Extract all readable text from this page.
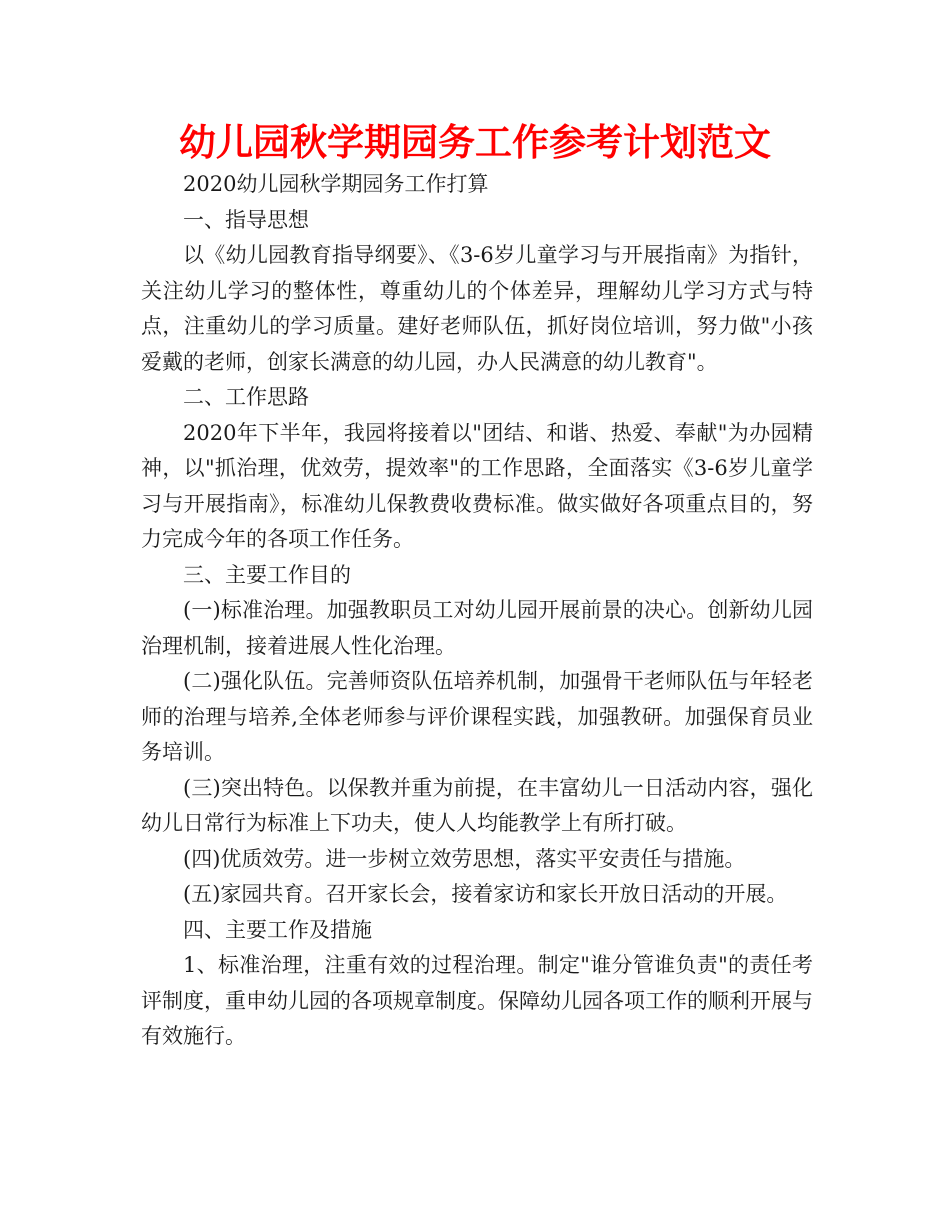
幼儿园秋学期园务工作参考计划范文

2020幼儿园秋学期园务工作打算

一、指导思想

以《幼儿园教育指导纲要》、《3-6岁儿童学习与开展指南》为指针，关注幼儿学习的整体性，尊重幼儿的个体差异，理解幼儿学习方式与特点，注重幼儿的学习质量。建好老师队伍，抓好岗位培训，努力做"小孩爱戴的老师，创家长满意的幼儿园，办人民满意的幼儿教育"。

二、工作思路

2020年下半年，我园将接着以"团结、和谐、热爱、奉献"为办园精神，以"抓治理，优效劳，提效率"的工作思路，全面落实《3-6岁儿童学习与开展指南》，标准幼儿保教费收费标准。做实做好各项重点目的，努力完成今年的各项工作任务。

三、主要工作目的

(一)标准治理。加强教职员工对幼儿园开展前景的决心。创新幼儿园治理机制，接着进展人性化治理。

(二)强化队伍。完善师资队伍培养机制，加强骨干老师队伍与年轻老师的治理与培养,全体老师参与评价课程实践，加强教研。加强保育员业务培训。

(三)突出特色。以保教并重为前提，在丰富幼儿一日活动内容，强化幼儿日常行为标准上下功夫，使人人均能教学上有所打破。

(四)优质效劳。进一步树立效劳思想，落实平安责任与措施。

(五)家园共育。召开家长会，接着家访和家长开放日活动的开展。

四、主要工作及措施

1、标准治理，注重有效的过程治理。制定"谁分管谁负责"的责任考评制度，重申幼儿园的各项规章制度。保障幼儿园各项工作的顺利开展与有效施行。
